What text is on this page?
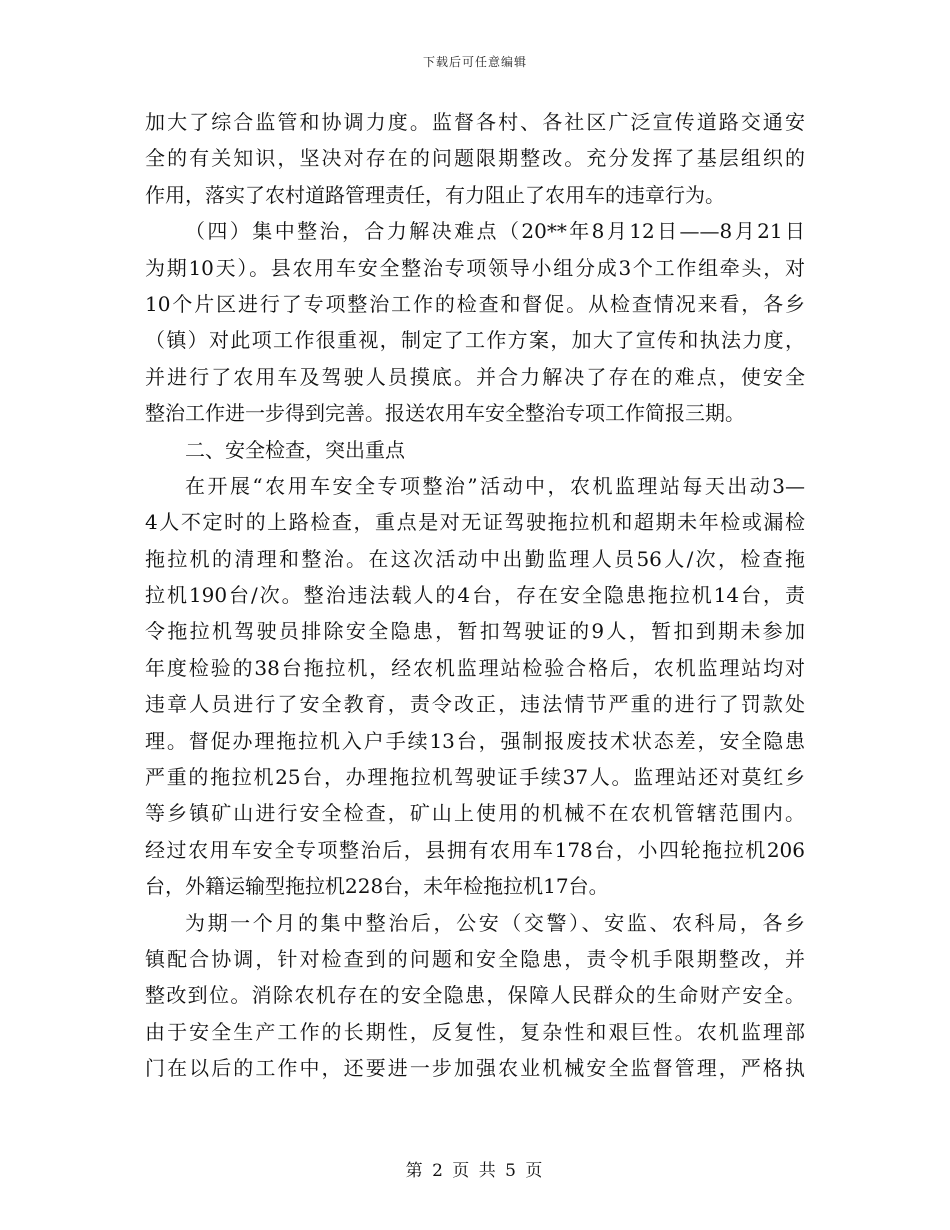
下载后可任意编辑
加大了综合监管和协调力度。监督各村、各社区广泛宣传道路交通安
全的有关知识，坚决对存在的问题限期整改。充分发挥了基层组织的
作用，落实了农村道路管理责任，有力阻止了农用车的违章行为。
（四）集中整治，合力解决难点（20**年8月12日——8月21日
为期10天）。县农用车安全整治专项领导小组分成3个工作组牵头，对
10个片区进行了专项整治工作的检查和督促。从检查情况来看，各乡
（镇）对此项工作很重视，制定了工作方案，加大了宣传和执法力度，
并进行了农用车及驾驶人员摸底。并合力解决了存在的难点，使安全
整治工作进一步得到完善。报送农用车安全整治专项工作简报三期。
二、安全检查，突出重点
在开展“农用车安全专项整治”活动中，农机监理站每天出动3—
4人不定时的上路检查，重点是对无证驾驶拖拉机和超期未年检或漏检
拖拉机的清理和整治。在这次活动中出勤监理人员56人/次，检查拖
拉机190台/次。整治违法载人的4台，存在安全隐患拖拉机14台，责
令拖拉机驾驶员排除安全隐患，暂扣驾驶证的9人，暂扣到期未参加
年度检验的38台拖拉机，经农机监理站检验合格后，农机监理站均对
违章人员进行了安全教育，责令改正，违法情节严重的进行了罚款处
理。督促办理拖拉机入户手续13台，强制报废技术状态差，安全隐患
严重的拖拉机25台，办理拖拉机驾驶证手续37人。监理站还对莫红乡
等乡镇矿山进行安全检查，矿山上使用的机械不在农机管辖范围内。
经过农用车安全专项整治后，县拥有农用车178台，小四轮拖拉机206
台，外籍运输型拖拉机228台，未年检拖拉机17台。
为期一个月的集中整治后，公安（交警）、安监、农科局，各乡
镇配合协调，针对检查到的问题和安全隐患，责令机手限期整改，并
整改到位。消除农机存在的安全隐患，保障人民群众的生命财产安全。
由于安全生产工作的长期性，反复性，复杂性和艰巨性。农机监理部
门在以后的工作中，还要进一步加强农业机械安全监督管理，严格执
第 2 页 共 5 页
